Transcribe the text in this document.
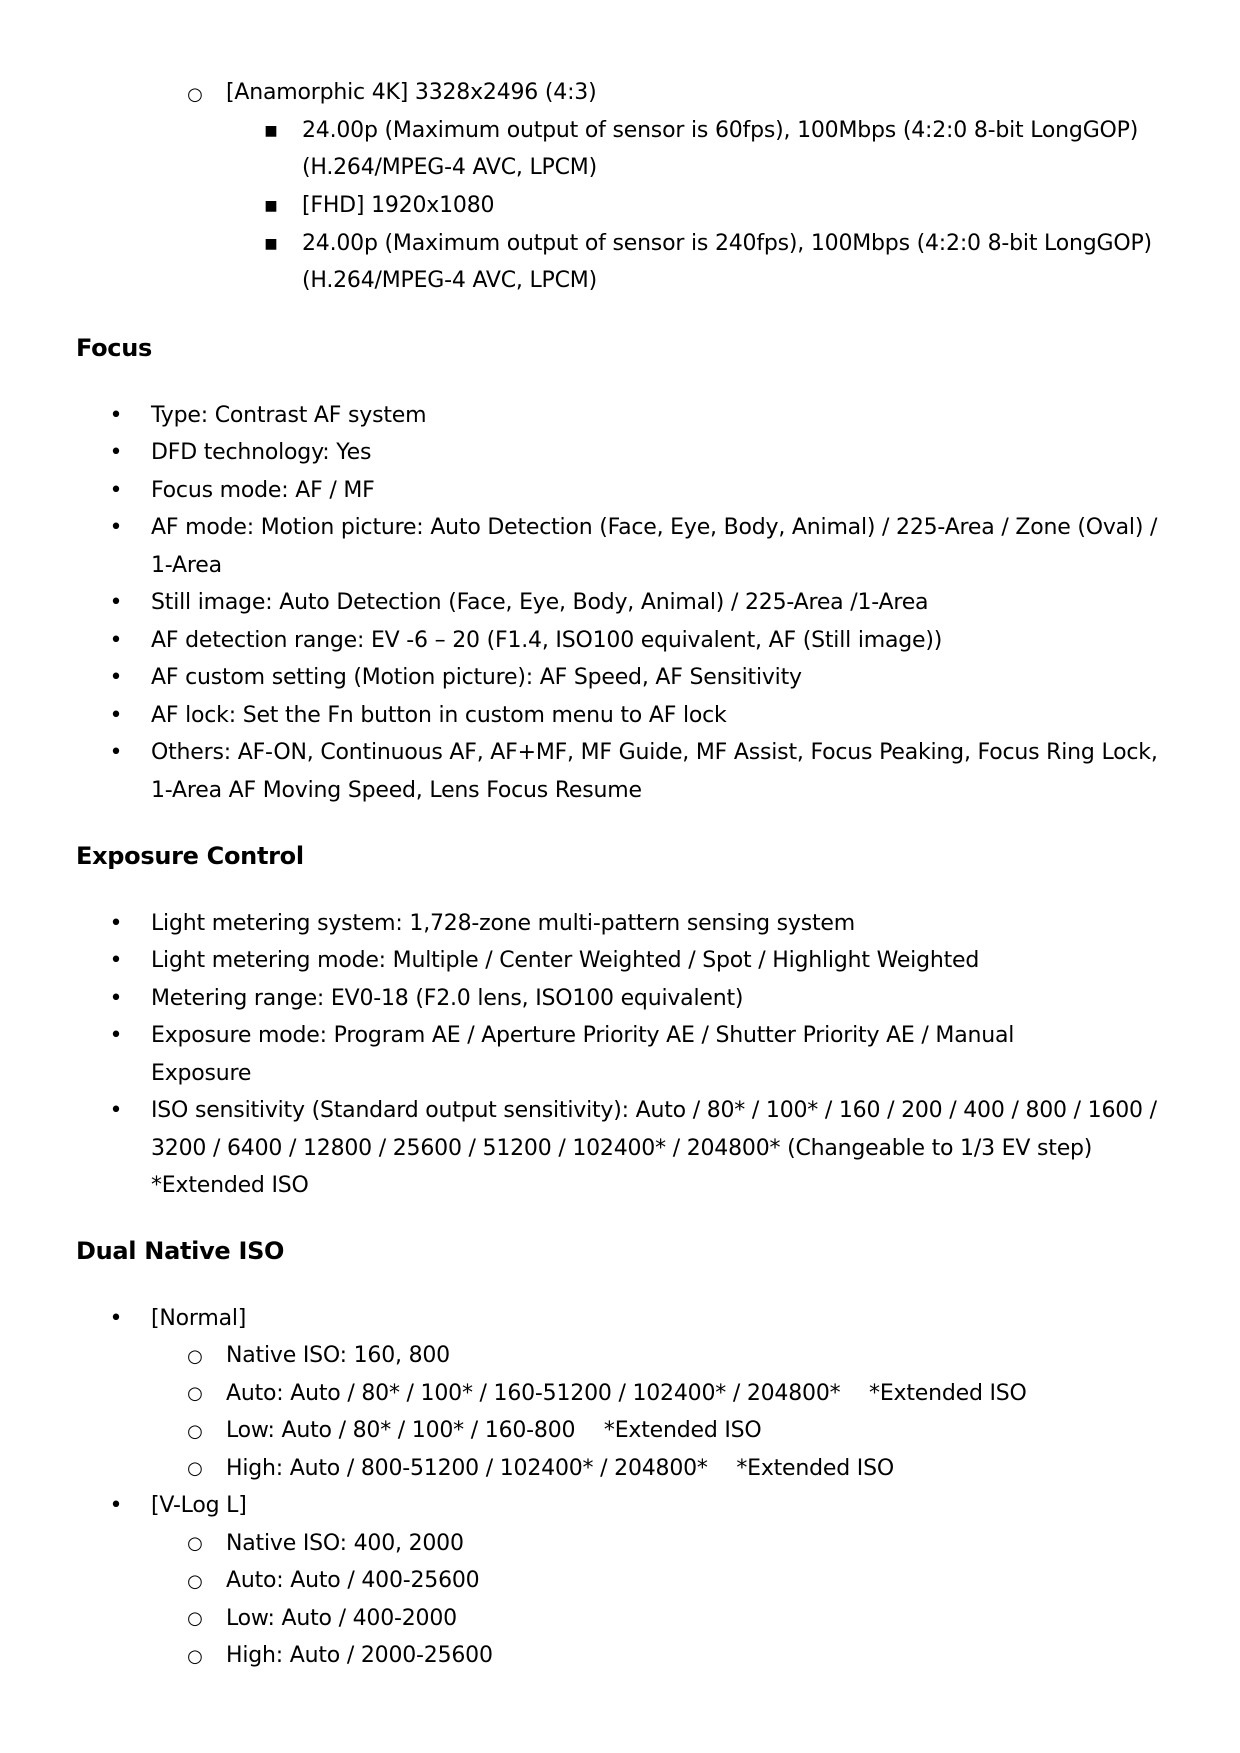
○	[Anamorphic 4K] 3328x2496 (4:3)
■	24.00p (Maximum output of sensor is 60fps), 100Mbps (4:2:0 8-bit LongGOP)
(H.264/MPEG-4 AVC, LPCM)
■	[FHD] 1920x1080
■	24.00p (Maximum output of sensor is 240fps), 100Mbps (4:2:0 8-bit LongGOP)
(H.264/MPEG-4 AVC, LPCM)
Focus
•	Type: Contrast AF system
•	DFD technology: Yes
•	Focus mode: AF / MF
•	AF mode: Motion picture: Auto Detection (Face, Eye, Body, Animal) / 225-Area / Zone (Oval) /
1-Area
•	Still image: Auto Detection (Face, Eye, Body, Animal) / 225-Area /1-Area
•	AF detection range: EV -6 – 20 (F1.4, ISO100 equivalent, AF (Still image))
•	AF custom setting (Motion picture): AF Speed, AF Sensitivity
•	AF lock: Set the Fn button in custom menu to AF lock
•	Others: AF-ON, Continuous AF, AF+MF, MF Guide, MF Assist, Focus Peaking, Focus Ring Lock,
1-Area AF Moving Speed, Lens Focus Resume
Exposure Control
•	Light metering system: 1,728-zone multi-pattern sensing system
•	Light metering mode: Multiple / Center Weighted / Spot / Highlight Weighted
•	Metering range: EV0-18 (F2.0 lens, ISO100 equivalent)
•	Exposure mode: Program AE / Aperture Priority AE / Shutter Priority AE / Manual
Exposure
•	ISO sensitivity (Standard output sensitivity): Auto / 80* / 100* / 160 / 200 / 400 / 800 / 1600 /
3200 / 6400 / 12800 / 25600 / 51200 / 102400* / 204800* (Changeable to 1/3 EV step)
*Extended ISO
Dual Native ISO
•	[Normal]
○	Native ISO: 160, 800
○	Auto: Auto / 80* / 100* / 160-51200 / 102400* / 204800*　 *Extended ISO
○	Low: Auto / 80* / 100* / 160-800　 *Extended ISO
○	High: Auto / 800-51200 / 102400* / 204800*　 *Extended ISO
•	[V-Log L]
○	Native ISO: 400, 2000
○	Auto: Auto / 400-25600
○	Low: Auto / 400-2000
○	High: Auto / 2000-25600
